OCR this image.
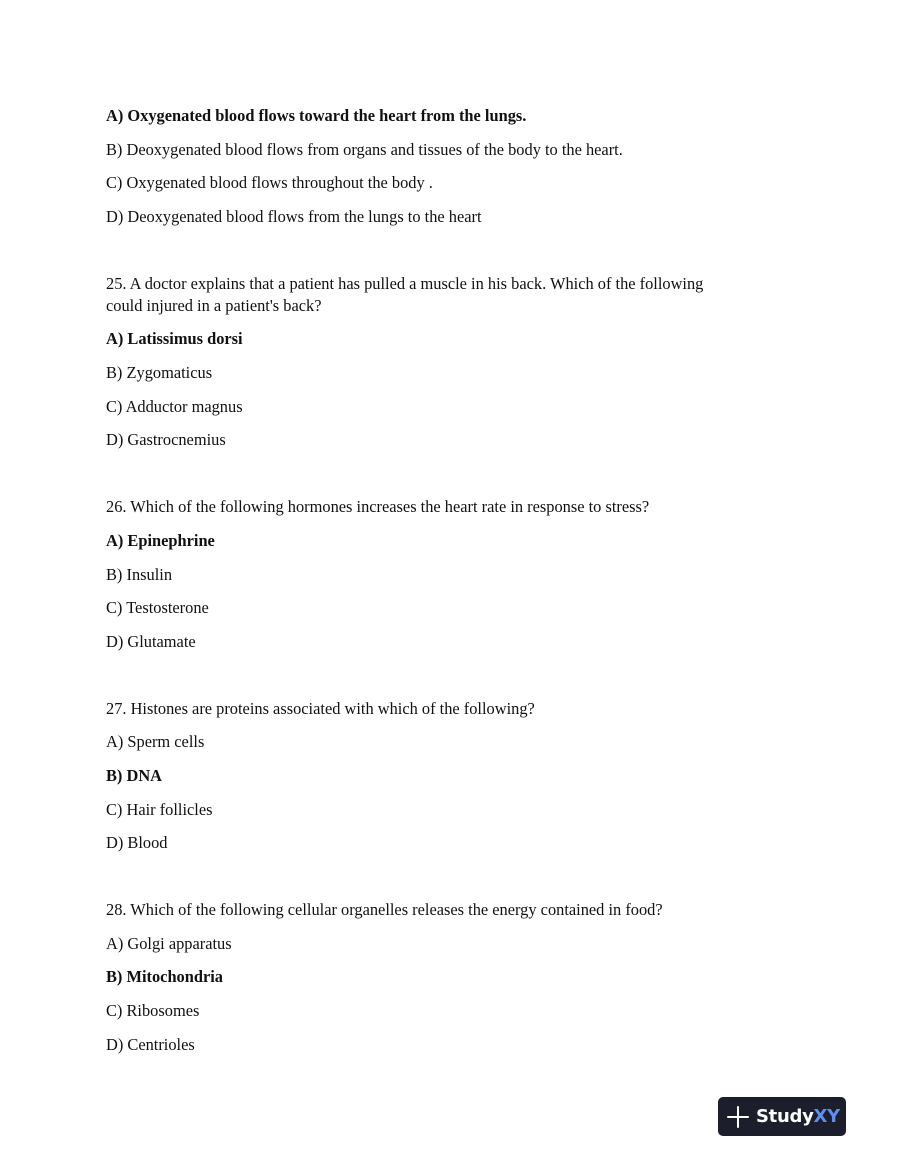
A) Oxygenated blood flows toward the heart from the lungs.
B) Deoxygenated blood flows from organs and tissues of the body to the heart.
C) Oxygenated blood flows throughout the body .
D) Deoxygenated blood flows from the lungs to the heart
25. A doctor explains that a patient has pulled a muscle in his back. Which of the following
could injured in a patient's back?
A) Latissimus dorsi
B) Zygomaticus
C) Adductor magnus
D) Gastrocnemius
26. Which of the following hormones increases the heart rate in response to stress?
A) Epinephrine
B) Insulin
C) Testosterone
D) Glutamate
27. Histones are proteins associated with which of the following?
A) Sperm cells
B) DNA
C) Hair follicles
D) Blood
28. Which of the following cellular organelles releases the energy contained in food?
A) Golgi apparatus
B) Mitochondria
C) Ribosomes
D) Centrioles
Study XY
